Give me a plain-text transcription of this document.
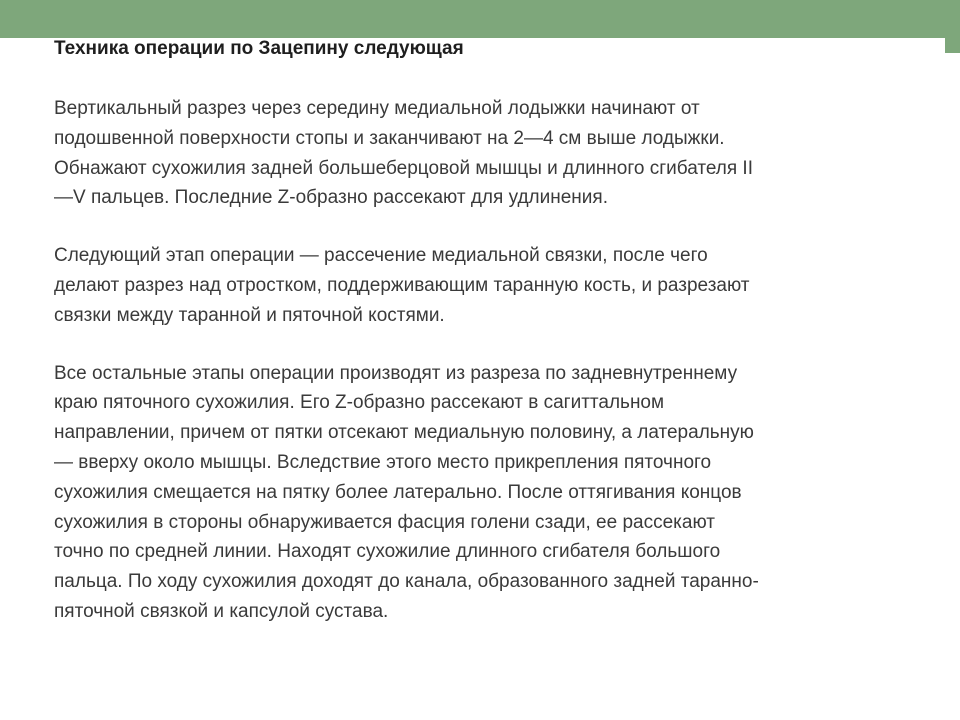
Техника операции по Зацепину следующая

Вертикальный разрез через середину медиальной лодыжки начинают от
подошвенной поверхности стопы и заканчивают на 2—4 см выше лодыжки.
Обнажают сухожилия задней большеберцовой мышцы и длинного сгибателя II
—V пальцев. Последние Z-образно рассекают для удлинения.

Следующий этап операции — рассечение медиальной связки, после чего
делают разрез над отростком, поддерживающим таранную кость, и разрезают
связки между таранной и пяточной костями.

Все остальные этапы операции производят из разреза по задневнутреннему
краю пяточного сухожилия. Его Z-образно рассекают в сагиттальном
направлении, причем от пятки отсекают медиальную половину, а латеральную
— вверху около мышцы. Вследствие этого место прикрепления пяточного
сухожилия смещается на пятку более латерально. После оттягивания концов
сухожилия в стороны обнаруживается фасция голени сзади, ее рассекают
точно по средней линии. Находят сухожилие длинного сгибателя большого
пальца. По ходу сухожилия доходят до канала, образованного задней таранно-
пяточной связкой и капсулой сустава.
